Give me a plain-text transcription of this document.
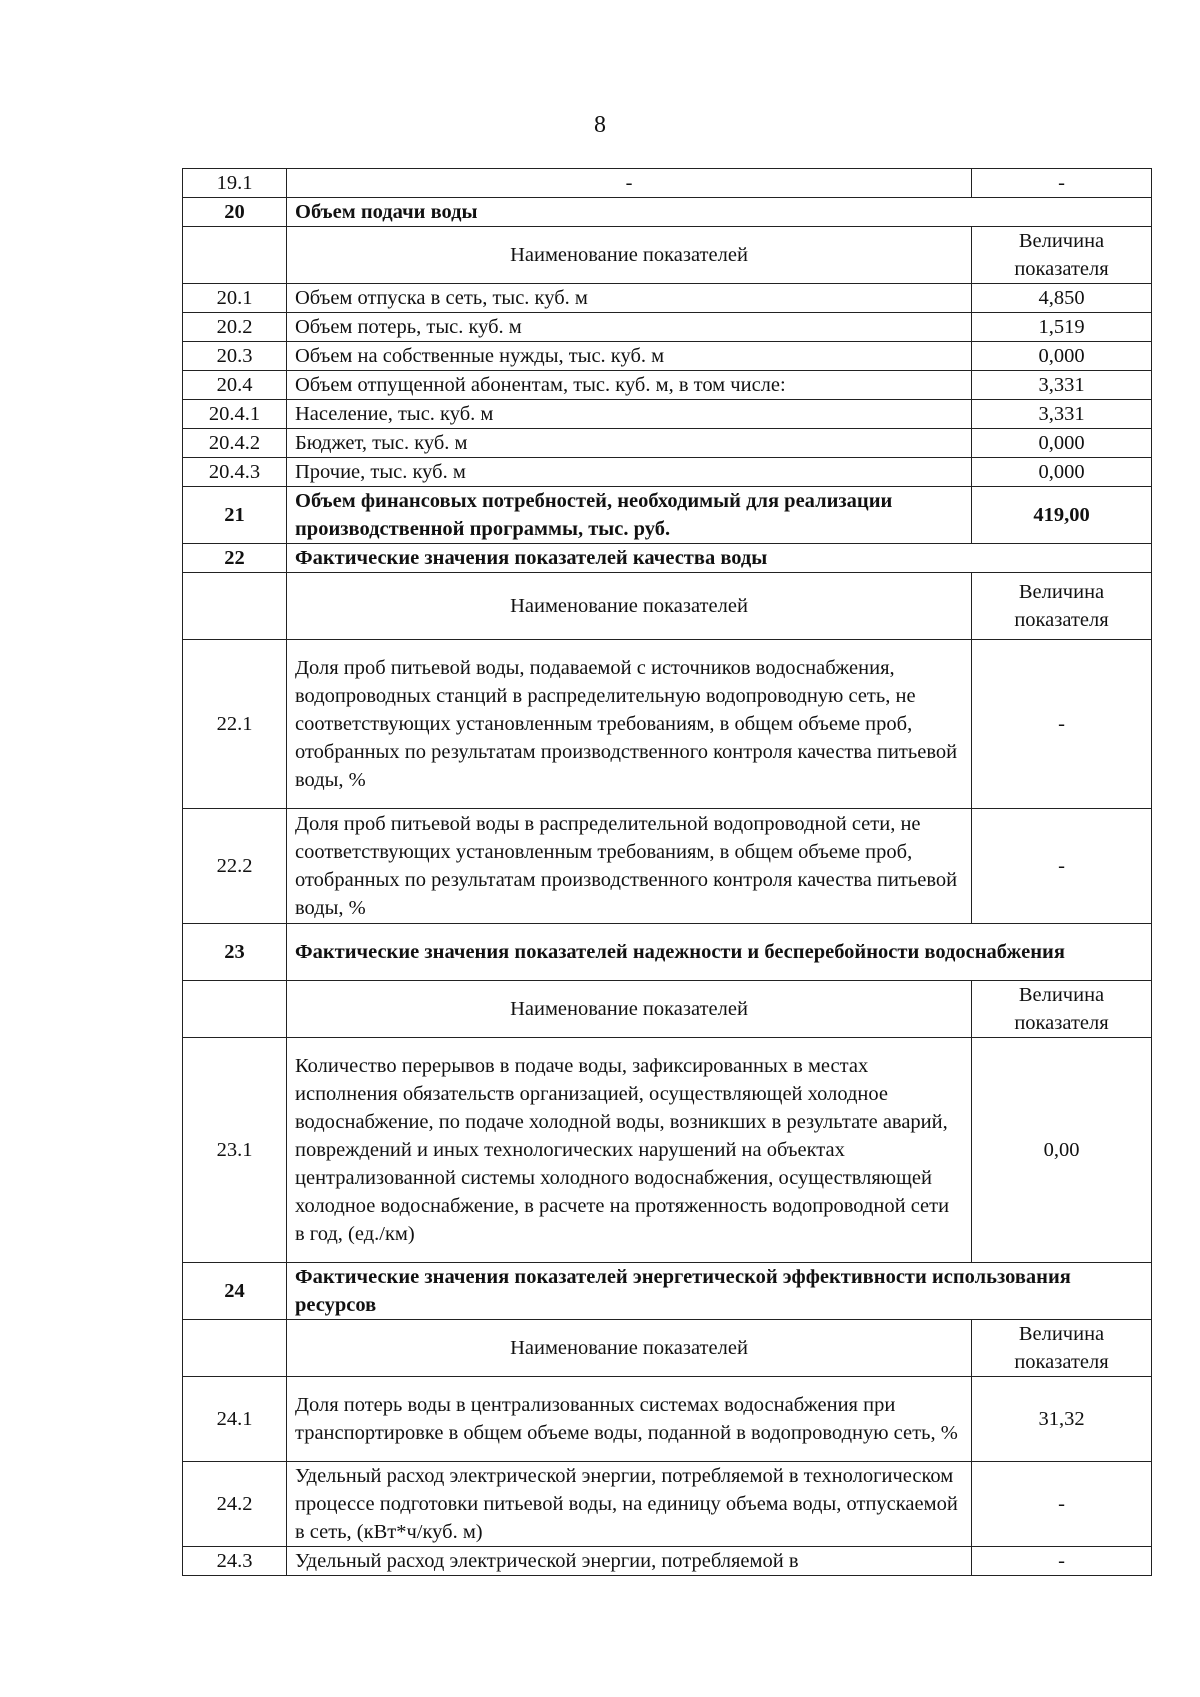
8
19.1	-	-
20	Объем подачи воды	
	Наименование показателей	Величина показателя
20.1	Объем отпуска в сеть, тыс. куб. м	4,850
20.2	Объем потерь, тыс. куб. м	1,519
20.3	Объем на собственные нужды, тыс. куб. м	0,000
20.4	Объем отпущенной абонентам, тыс. куб. м, в том числе:	3,331
20.4.1	Население, тыс. куб. м	3,331
20.4.2	Бюджет, тыс. куб. м	0,000
20.4.3	Прочие, тыс. куб. м	0,000
21	Объем финансовых потребностей, необходимый для реализации производственной программы, тыс. руб.	419,00
22	Фактические значения показателей качества воды	
	Наименование показателей	Величина показателя
22.1	Доля проб питьевой воды, подаваемой с источников водоснабжения, водопроводных станций в распределительную водопроводную сеть, не соответствующих установленным требованиям, в общем объеме проб, отобранных по результатам производственного контроля качества питьевой воды, %	-
22.2	Доля проб питьевой воды в распределительной водопроводной сети, не соответствующих установленным требованиям, в общем объеме проб, отобранных по результатам производственного контроля качества питьевой воды, %	-
23	Фактические значения показателей надежности и бесперебойности водоснабжения	
	Наименование показателей	Величина показателя
23.1	Количество перерывов в подаче воды, зафиксированных в местах исполнения обязательств организацией, осуществляющей холодное водоснабжение, по подаче холодной воды, возникших в результате аварий, повреждений и иных технологических нарушений на объектах централизованной системы холодного водоснабжения, осуществляющей холодное водоснабжение, в расчете на протяженность водопроводной сети в год, (ед./км)	0,00
24	Фактические значения показателей энергетической эффективности использования ресурсов	
	Наименование показателей	Величина показателя
24.1	Доля потерь воды в централизованных системах водоснабжения при транспортировке в общем объеме воды, поданной в водопроводную сеть, %	31,32
24.2	Удельный расход электрической энергии, потребляемой в технологическом процессе подготовки питьевой воды, на единицу объема воды, отпускаемой в сеть, (кВт*ч/куб. м)	-
24.3	Удельный расход электрической энергии, потребляемой в	-
